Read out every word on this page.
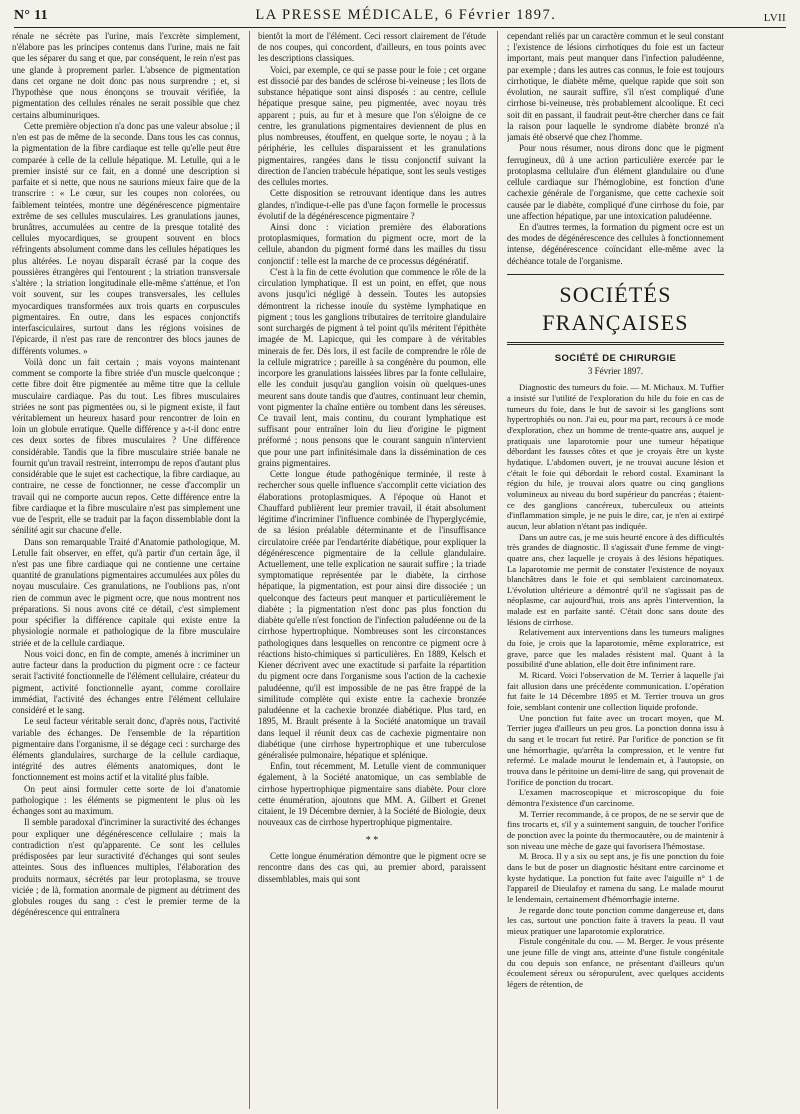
N° 11	LA PRESSE MÉDICALE, 6 Février 1897.	LVII

rénale ne sécrète pas l'urine, mais l'excrète simplement, n'élabore pas les principes contenus dans l'urine, mais ne fait que les séparer du sang et que, par conséquent, le rein n'est pas une glande à proprement parler. L'absence de pigmentation dans cet organe ne doit donc pas nous surprendre ; et, si l'hypothèse que nous énonçons se trouvait vérifiée, la pigmentation des cellules rénales ne serait possible que chez certains albuminuriques.

Cette première objection n'a donc pas une valeur absolue ; il n'en est pas de même de la seconde. Dans tous les cas connus, la pigmentation de la fibre cardiaque est telle qu'elle peut être comparée à celle de la cellule hépatique. M. Letulle, qui a le premier insisté sur ce fait, en a donné une description si parfaite et si nette, que nous ne saurions mieux faire que de la transcrire : « Le cœur, sur les coupes non colorées, ou faiblement teintées, montre une dégénérescence pigmentaire extrême de ses cellules musculaires. Les granulations jaunes, brunâtres, accumulées au centre de la presque totalité des cellules myocardiques, se groupent souvent en blocs réfringents absolument comme dans les cellules hépatiques les plus altérées. Le noyau disparaît écrasé par la coque des poussières étrangères qui l'entourent ; la striation transversale s'altère ; la striation longitudinale elle-même s'atténue, et l'on voit souvent, sur les coupes transversales, les cellules myocardiques transformées aux trois quarts en corpuscules pigmentaires. En outre, dans les espaces conjonctifs interfasciculaires, surtout dans les régions voisines de l'épicarde, il n'est pas rare de rencontrer des blocs jaunes de différents volumes. »

Voilà donc un fait certain ; mais voyons maintenant comment se comporte la fibre striée d'un muscle quelconque ; cette fibre doit être pigmentée au même titre que la cellule musculaire cardiaque. Pas du tout. Les fibres musculaires striées ne sont pas pigmentées ou, si le pigment existe, il faut véritablement un heureux hasard pour rencontrer de loin en loin un globule erratique. Quelle différence y a-t-il donc entre ces deux sortes de fibres musculaires ? Une différence considérable. Tandis que la fibre musculaire striée banale ne fournit qu'un travail restreint, interrompu de repos d'autant plus considérable que le sujet est cachectique, la fibre cardiaque, au contraire, ne cesse de fonctionner, ne cesse d'accomplir un travail qui ne comporte aucun repos. Cette différence entre la fibre cardiaque et la fibre musculaire n'est pas simplement une vue de l'esprit, elle se traduit par la façon dissemblable dont la sénilité agit sur chacune d'elle.

Dans son remarquable Traité d'Anatomie pathologique, M. Letulle fait observer, en effet, qu'à partir d'un certain âge, il n'est pas une fibre cardiaque qui ne contienne une certaine quantité de granulations pigmentaires accumulées aux pôles du noyau musculaire. Ces granulations, ne l'oublions pas, n'ont rien de commun avec le pigment ocre, que nous montrent nos préparations. Si nous avons cité ce détail, c'est simplement pour spécifier la différence capitale qui existe entre la physiologie normale et pathologique de la fibre musculaire striée et de la cellule cardiaque.

Nous voici donc, en fin de compte, amenés à incriminer un autre facteur dans la production du pigment ocre : ce facteur serait l'activité fonctionnelle de l'élément cellulaire, créateur du pigment, activité fonctionnelle ayant, comme corollaire immédiat, l'activité des échanges entre l'élément cellulaire considéré et le sang.

Le seul facteur véritable serait donc, d'après nous, l'activité variable des échanges. De l'ensemble de la répartition pigmentaire dans l'organisme, il se dégage ceci : surcharge des éléments glandulaires, surcharge de la cellule cardiaque, intégrité des autres éléments anatomiques, dont le fonctionnement est moins actif et la vitalité plus faible.

On peut ainsi formuler cette sorte de loi d'anatomie pathologique : les éléments se pigmentent le plus où les échanges sont au maximum.

Il semble paradoxal d'incriminer la suractivité des échanges pour expliquer une dégénérescence cellulaire ; mais la contradiction n'est qu'apparente. Ce sont les cellules prédisposées par leur suractivité d'échanges qui sont seules atteintes. Sous des influences multiples, l'élaboration des produits normaux, sécrétés par leur protoplasma, se trouve viciée ; de là, formation anormale de pigment au détriment des globules rouges du sang : c'est le premier terme de la dégénérescence qui entraînera

bientôt la mort de l'élément. Ceci ressort clairement de l'étude de nos coupes, qui concordent, d'ailleurs, en tous points avec les descriptions classiques.

Voici, par exemple, ce qui se passe pour le foie ; cet organe est dissocié par des bandes de sclérose bi-veineuse ; les îlots de substance hépatique sont ainsi disposés : au centre, cellule hépatique presque saine, peu pigmentée, avec noyau très apparent ; puis, au fur et à mesure que l'on s'éloigne de ce centre, les granulations pigmentaires deviennent de plus en plus nombreuses, étouffent, en quelque sorte, le noyau ; à la périphérie, les cellules disparaissent et les granulations pigmentaires, rangées dans le tissu conjonctif suivant la direction de l'ancien trabécule hépatique, sont les seuls vestiges des cellules mortes.

Cette disposition se retrouvant identique dans les autres glandes, n'indique-t-elle pas d'une façon formelle le processus évolutif de la dégénérescence pigmentaire ?

Ainsi donc : viciation première des élaborations protoplasmiques, formation du pigment ocre, mort de la cellule, abandon du pigment formé dans les mailles du tissu conjonctif : telle est la marche de ce processus dégénératif.

C'est à la fin de cette évolution que commence le rôle de la circulation lymphatique. Il est un point, en effet, que nous avons jusqu'ici négligé à dessein. Toutes les autopsies démontrent la richesse inouïe du système lymphatique en pigment ; tous les ganglions tributaires de territoire glandulaire sont surchargés de pigment à tel point qu'ils méritent l'épithète imagée de M. Lapicque, qui les compare à de véritables minerais de fer. Dès lors, il est facile de comprendre le rôle de la cellule migratrice ; pareille à sa congénère du poumon, elle incorpore les granulations laissées libres par la fonte cellulaire, elle les conduit jusqu'au ganglion voisin où quelques-unes meurent sans doute tandis que d'autres, continuant leur chemin, vont pigmenter la chaîne entière ou tombent dans les séreuses. Ce travail lent, mais continu, du courant lymphatique est suffisant pour entraîner loin du lieu d'origine le pigment préformé ; nous pensons que le courant sanguin n'intervient que pour une part infinitésimale dans la dissémination de ces grains pigmentaires.

Cette longue étude pathogénique terminée, il reste à rechercher sous quelle influence s'accomplit cette viciation des élaborations protoplasmiques. A l'époque où Hanot et Chauffard publièrent leur premier travail, il était absolument légitime d'incriminer l'influence combinée de l'hyperglycémie, de sa lésion préalable déterminante et de l'insuffisance circulatoire créée par l'endartérite diabétique, pour expliquer la dégénérescence pigmentaire de la cellule glandulaire. Actuellement, une telle explication ne saurait suffire ; la triade symptomatique représentée par le diabète, la cirrhose hépatique, la pigmentation, est pour ainsi dire dissociée ; un quelconque des facteurs peut manquer et particulièrement le diabète ; la pigmentation n'est donc pas plus fonction du diabète qu'elle n'est fonction de l'infection paludéenne ou de la cirrhose hypertrophique. Nombreuses sont les circonstances pathologiques dans lesquelles on rencontre ce pigment ocre à réactions histo-chimiques si particulières. En 1889, Kelsch et Kiener décrivent avec une exactitude si parfaite la répartition du pigment ocre dans l'organisme sous l'action de la cachexie paludéenne, qu'il est impossible de ne pas être frappé de la similitude complète qui existe entre la cachexie bronzée paludéenne et la cachexie bronzée diabétique. Plus tard, en 1895, M. Brault présente à la Société anatomique un travail dans lequel il réunit deux cas de cachexie pigmentaire non diabétique (une cirrhose hypertrophique et une tuberculose généralisée pulmonaire, hépatique et splénique.

Enfin, tout récemment, M. Letulle vient de communiquer également, à la Société anatomique, un cas semblable de cirrhose hypertrophique pigmentaire sans diabète. Pour clore cette énumération, ajoutons que MM. A. Gilbert et Grenet citaient, le 19 Décembre dernier, à la Société de Biologie, deux nouveaux cas de cirrhose hypertrophique pigmentaire.

* *

Cette longue énumération démontre que le pigment ocre se rencontre dans des cas qui, au premier abord, paraissent dissemblables, mais qui sont

cependant reliés par un caractère commun et le seul constant ; l'existence de lésions cirrhotiques du foie est un facteur important, mais peut manquer dans l'infection paludéenne, par exemple ; dans les autres cas connus, le foie est toujours cirrhotique, le diabète même, quelque rapide que soit son évolution, ne saurait suffire, s'il n'est compliqué d'une cirrhose bi-veineuse, très probablement alcoolique. Et ceci soit dit en passant, il faudrait peut-être chercher dans ce fait la raison pour laquelle le syndrome diabète bronzé n'a jamais été observé que chez l'homme.

Pour nous résumer, nous dirons donc que le pigment ferrugineux, dû à une action particulière exercée par le protoplasma cellulaire d'un élément glandulaire ou d'une cellule cardiaque sur l'hémoglobine, est fonction d'une cachexie générale de l'organisme, que cette cachexie soit causée par le diabète, compliqué d'une cirrhose du foie, par une affection hépatique, par une intoxication paludéenne.

En d'autres termes, la formation du pigment ocre est un des modes de dégénérescence des cellules à fonctionnement intense, dégénérescence coïncidant elle-même avec la déchéance totale de l'organisme.

SOCIÉTÉS FRANÇAISES
SOCIÉTÉ DE CHIRURGIE
3 Février 1897.

Diagnostic des tumeurs du foie. — M. Michaux. M. Tuffier a insisté sur l'utilité de l'exploration du hile du foie en cas de tumeurs du foie, dans le but de savoir si les ganglions sont hypertrophiés ou non. J'ai eu, pour ma part, recours à ce mode d'exploration, chez un homme de trente-quatre ans, auquel je pratiquais une laparotomie pour une tumeur hépatique débordant les fausses côtes et que je croyais être un kyste hydatique. L'abdomen ouvert, je ne trouvai aucune lésion et c'était le foie qui débordait le rebord costal. Examinant la région du hile, je trouvai alors quatre ou cinq ganglions volumineux au niveau du bord supérieur du pancréas ; étaient-ce des ganglions cancéreux, tuberculeux ou atteints d'inflammation simple, je ne puis le dire, car, je n'en ai extirpé aucun, leur ablation n'étant pas indiquée.

Dans un autre cas, je me suis heurté encore à des difficultés très grandes de diagnostic. Il s'agissait d'une femme de vingt-quatre ans, chez laquelle je croyais à des lésions hépatiques. La laparotomie me permit de constater l'existence de noyaux blanchâtres dans le foie et qui semblaient carcinomateux. L'évolution ultérieure a démontré qu'il ne s'agissait pas de néoplasme, car aujourd'hui, trois ans après l'intervention, la malade est en parfaite santé. C'était donc sans doute des lésions de cirrhose.

Relativement aux interventions dans les tumeurs malignes du foie, je crois que la laparotomie, même exploratrice, est grave, parce que les malades résistent mal. Quant à la possibilité d'une ablation, elle doit être infiniment rare.

M. Ricard. Voici l'observation de M. Terrier à laquelle j'ai fait allusion dans une précédente communication. L'opération fut faite le 14 Décembre 1895 et M. Terrier trouva un gros foie, semblant contenir une collection liquide profonde.

Une ponction fut faite avec un trocart moyen, que M. Terrier jugea d'ailleurs un peu gros. La ponction donna issu à du sang et le trocart fut retiré. Par l'orifice de ponction se fit une hémorrhagie, qu'arrêta la compression, et le ventre fut refermé. Le malade mourut le lendemain et, à l'autopsie, on trouva dans le péritoine un demi-litre de sang, qui provenait de l'orifice de ponction du trocart.

L'examen macroscopique et microscopique du foie démontra l'existence d'un carcinome.

M. Terrier recommande, à ce propos, de ne se servir que de fins trocarts et, s'il y a suintement sanguin, de toucher l'orifice de ponction avec la pointe du thermocautère, ou de maintenir à son niveau une mèche de gaze qui favorisera l'hémostase.

M. Broca. Il y a six ou sept ans, je fis une ponction du foie dans le but de poser un diagnostic hésitant entre carcinome et kyste hydatique. La ponction fut faite avec l'aiguille n° 1 de l'appareil de Dieulafoy et ramena du sang. Le malade mourut le lendemain, certainement d'hémorrhagie interne.

Je regarde donc toute ponction comme dangereuse et, dans les cas, surtout une ponction faite à travers la peau. Il vaut mieux pratiquer une laparotomie exploratrice.

Fistule congénitale du cou. — M. Berger. Je vous présente une jeune fille de vingt ans, atteinte d'une fistule congénitale du cou depuis son enfance, ne présentant d'ailleurs qu'un écoulement séreux ou séropurulent, avec quelques accidents légers de rétention, de
